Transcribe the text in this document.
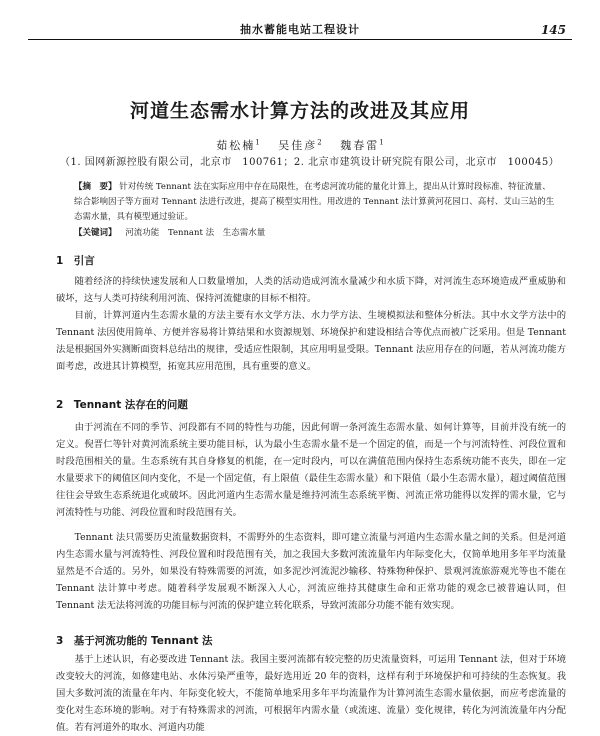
抽水蓄能电站工程设计	145
河道生态需水计算方法的改进及其应用
茹松楠$^1$　 吴佳彦$^2$　 魏春雷$^1$
（1. 国网新源控股有限公司，北京市　100761；2. 北京市建筑设计研究院有限公司，北京市　100045）
【摘　要】 针对传统 Tennant 法在实际应用中存在局限性，在考虑河流功能的量化计算上，提出从计算时段标准、特征流量、综合影响因子等方面对 Tennant 法进行改进，提高了模型实用性。用改进的 Tennant 法计算黄河花园口、高村、艾山三站的生态需水量，具有模型通过验证。
【关键词】 河流功能 Tennant 法 生态需水量
1　引言
随着经济的持续快速发展和人口数量增加，人类的活动造成河流水量减少和水质下降，对河流生态环境造成严重威胁和破坏，这与人类可持续利用河流、保持河流健康的目标不相符。
目前，计算河道内生态需水量的方法主要有水文学方法、水力学方法、生境模拟法和整体分析法。其中水文学方法中的 Tennant 法因使用简单、方便并容易将计算结果和水资源规划、环境保护和建设相结合等优点而被广泛采用。但是 Tennant 法是根据国外实测断面资料总结出的规律，受适应性限制，其应用明显受限。Tennant 法应用存在的问题，若从河流功能方面考虑，改进其计算模型，拓宽其应用范围，具有重要的意义。
2　Tennant 法存在的问题
由于河流在不同的季节、河段都有不同的特性与功能，因此何谓一条河流生态需水量、如何计算等，目前并没有统一的定义。倪晋仁等针对黄河流系统主要功能目标，认为最小生态需水量不是一个固定的值，而是一个与河流特性、河段位置和时段范围相关的量。生态系统有其自身修复的机能，在一定时段内，可以在满值范围内保持生态系统功能不丧失，即在一定水量要求下的阈值区间内变化，不是一个固定值，有上限值（最佳生态需水量）和下限值（最小生态需水量），超过阈值范围往往会导致生态系统退化或破坏。因此河道内生态需水量是维持河流生态系统平衡、河流正常功能得以发挥的需水量，它与河流特性与功能、河段位置和时段范围有关。
Tennant 法只需要历史流量数据资料，不需野外的生态资料，即可建立流量与河道内生态需水量之间的关系。但是河道内生态需水量与河流特性、河段位置和时段范围有关，加之我国大多数河流流量年内年际变化大，仅简单地用多年平均流量显然是不合适的。另外，如果没有特殊需要的河流，如多泥沙河流泥沙输移、特殊物种保护、景观河流旅游观光等也不能在 Tennant 法计算中考虑。随着科学发展观不断深入人心，河流应维持其健康生命和正常功能的观念已被普遍认同，但 Tennant 法无法将河流的功能目标与河流的保护建立转化联系，导致河流部分功能不能有效实现。
3　基于河流功能的 Tennant 法
基于上述认识，有必要改进 Tennant 法。我国主要河流都有较完整的历史流量资料，可运用 Tennant 法，但对于环境改变较大的河流，如修建电站、水体污染严重等，最好选用近 20 年的资料，这样有利于环境保护和可持续的生态恢复。我国大多数河流的流量在年内、年际变化较大，不能简单地采用多年平均流量作为计算河流生态需水量依据，而应考虑流量的变化对生态环境的影响。对于有特殊需求的河流，可根据年内需水量（或流速、流量）变化规律，转化为河流流量年内分配值。若有河道外的取水、河道内功能
